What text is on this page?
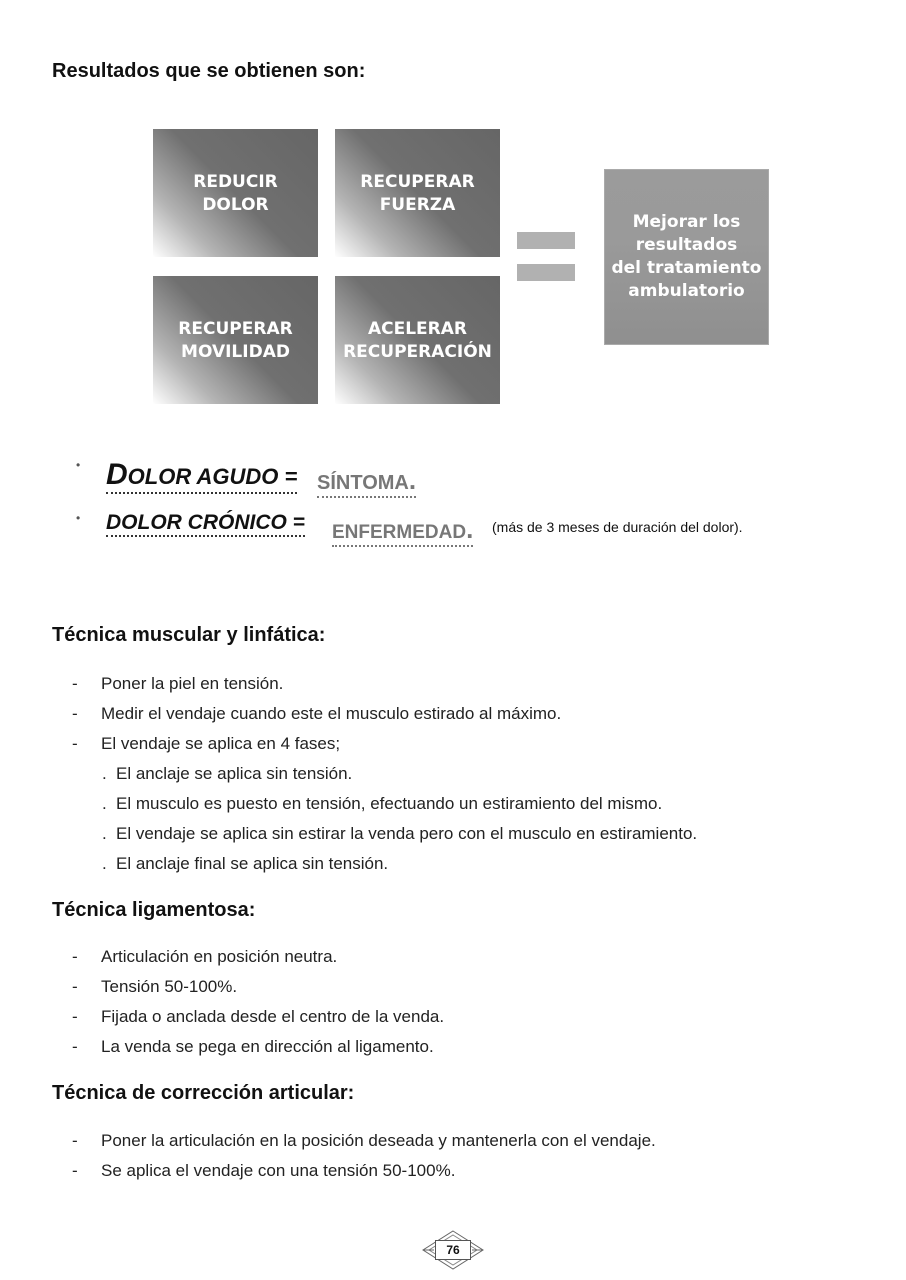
Resultados que se obtienen son:
REDUCIR
DOLOR
RECUPERAR
FUERZA
RECUPERAR
MOVILIDAD
ACELERAR
RECUPERACIÓN
Mejorar los
resultados
del tratamiento
ambulatorio
• DOLOR AGUDO = SÍNTOMA.
• DOLOR CRÓNICO = ENFERMEDAD. (más de 3 meses de duración del dolor).
Técnica muscular y linfática:
- Poner la piel en tensión.
- Medir el vendaje cuando este el musculo estirado al máximo.
- El vendaje se aplica en 4 fases;
. El anclaje se aplica sin tensión.
. El musculo es puesto en tensión, efectuando un estiramiento del mismo.
. El vendaje se aplica sin estirar la venda pero con el musculo en estiramiento.
. El anclaje final se aplica sin tensión.
Técnica ligamentosa:
- Articulación en posición neutra.
- Tensión 50-100%.
- Fijada o anclada desde el centro de la venda.
- La venda se pega en dirección al ligamento.
Técnica de corrección articular:
- Poner la articulación en la posición deseada y mantenerla con el vendaje.
- Se aplica el vendaje con una tensión 50-100%.
76
